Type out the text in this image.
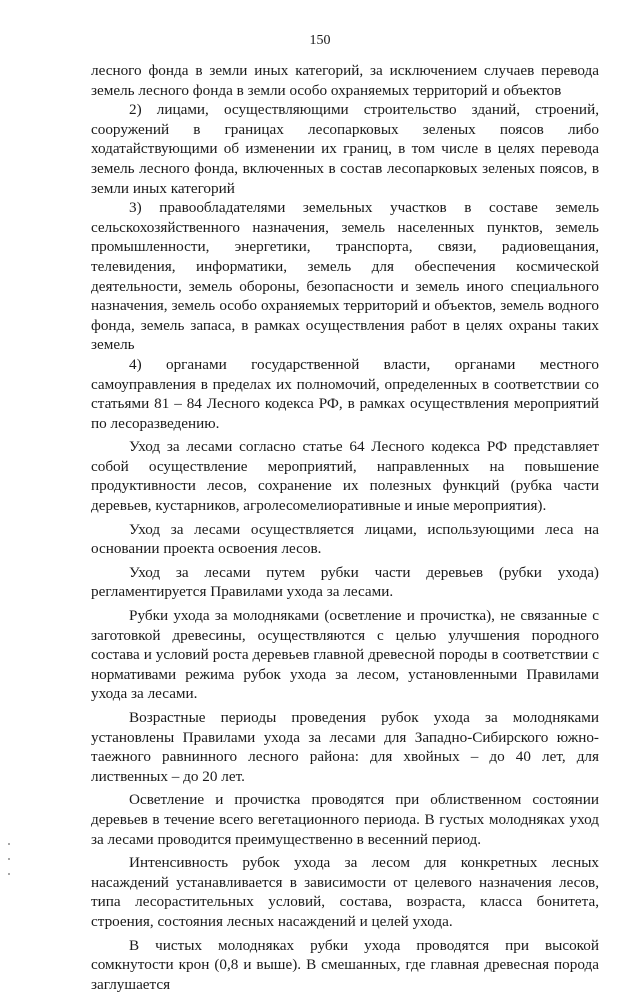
150

лесного фонда в земли иных категорий, за исключением случаев перевода земель лесного фонда в земли особо охраняемых территорий и объектов

2) лицами, осуществляющими строительство зданий, строений, сооружений в границах лесопарковых зеленых поясов либо ходатайствующими об изменении их границ, в том числе в целях перевода земель лесного фонда, включенных в состав лесопарковых зеленых поясов, в земли иных категорий

3) правообладателями земельных участков в составе земель сельскохозяйственного назначения, земель населенных пунктов, земель промышленности, энергетики, транспорта, связи, радиовещания, телевидения, информатики, земель для обеспечения космической деятельности, земель обороны, безопасности и земель иного специального назначения, земель особо охраняемых территорий и объектов, земель водного фонда, земель запаса, в рамках осуществления работ в целях охраны таких земель

4) органами государственной власти, органами местного самоуправления в пределах их полномочий, определенных в соответствии со статьями 81 – 84 Лесного кодекса РФ, в рамках осуществления мероприятий по лесоразведению.

Уход за лесами согласно статье 64 Лесного кодекса РФ представляет собой осуществление мероприятий, направленных на повышение продуктивности лесов, сохранение их полезных функций (рубка части деревьев, кустарников, агролесомелиоративные и иные мероприятия).

Уход за лесами осуществляется лицами, использующими леса на основании проекта освоения лесов.

Уход за лесами путем рубки части деревьев (рубки ухода) регламентируется Правилами ухода за лесами.

Рубки ухода за молодняками (осветление и прочистка), не связанные с заготовкой древесины, осуществляются с целью улучшения породного состава и условий роста деревьев главной древесной породы в соответствии с нормативами режима рубок ухода за лесом, установленными Правилами ухода за лесами.

Возрастные периоды проведения рубок ухода за молодняками установлены Правилами ухода за лесами для Западно-Сибирского южно-таежного равнинного лесного района: для хвойных – до 40 лет, для лиственных – до 20 лет.

Осветление и прочистка проводятся при облиственном состоянии деревьев в течение всего вегетационного периода. В густых молодняках уход за лесами проводится преимущественно в весенний период.

Интенсивность рубок ухода за лесом для конкретных лесных насаждений устанавливается в зависимости от целевого назначения лесов, типа лесорастительных условий, состава, возраста, класса бонитета, строения, состояния лесных насаждений и целей ухода.

В чистых молодняках рубки ухода проводятся при высокой сомкнутости крон (0,8 и выше). В смешанных, где главная древесная порода заглушается
